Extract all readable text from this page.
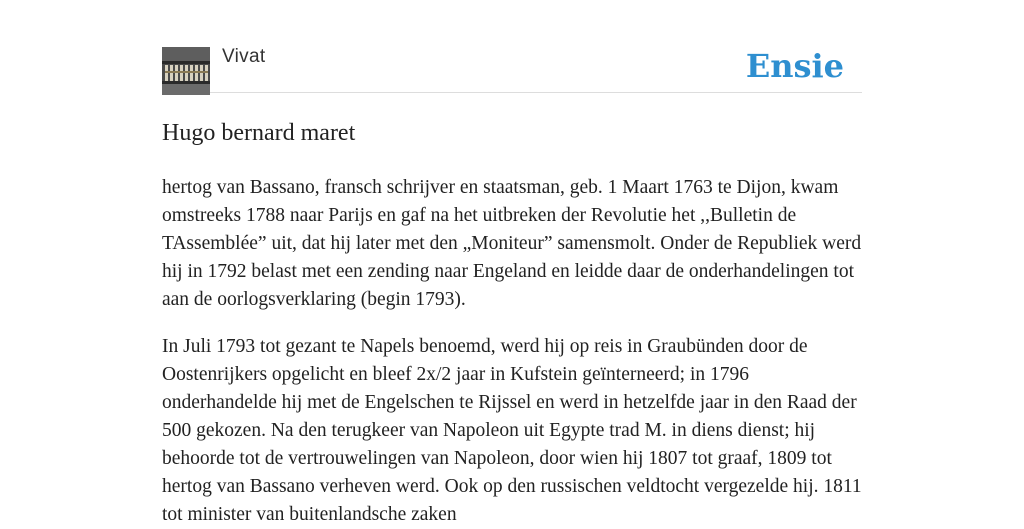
Vivat	Ensie
Hugo bernard maret

hertog van Bassano, fransch schrijver en staatsman, geb. 1 Maart 1763 te Dijon, kwam omstreeks 1788 naar Parijs en gaf na het uitbreken der Revolutie het ,,Bulletin de TAssemblée” uit, dat hij later met den „Moniteur” samensmolt. Onder de Republiek werd hij in 1792 belast met een zending naar Engeland en leidde daar de onderhandelingen tot aan de oorlogsverklaring (begin 1793).

In Juli 1793 tot gezant te Napels benoemd, werd hij op reis in Graubünden door de Oostenrijkers opgelicht en bleef 2x/2 jaar in Kufstein geïnterneerd; in 1796 onderhandelde hij met de Engelschen te Rijssel en werd in hetzelfde jaar in den Raad der 500 gekozen. Na den terugkeer van Napoleon uit Egypte trad M. in diens dienst; hij behoorde tot de vertrouwelingen van Napoleon, door wien hij 1807 tot graaf, 1809 tot hertog van Bassano verheven werd. Ook op den russischen veldtocht vergezelde hij. 1811 tot minister van buitenlandsche zaken
